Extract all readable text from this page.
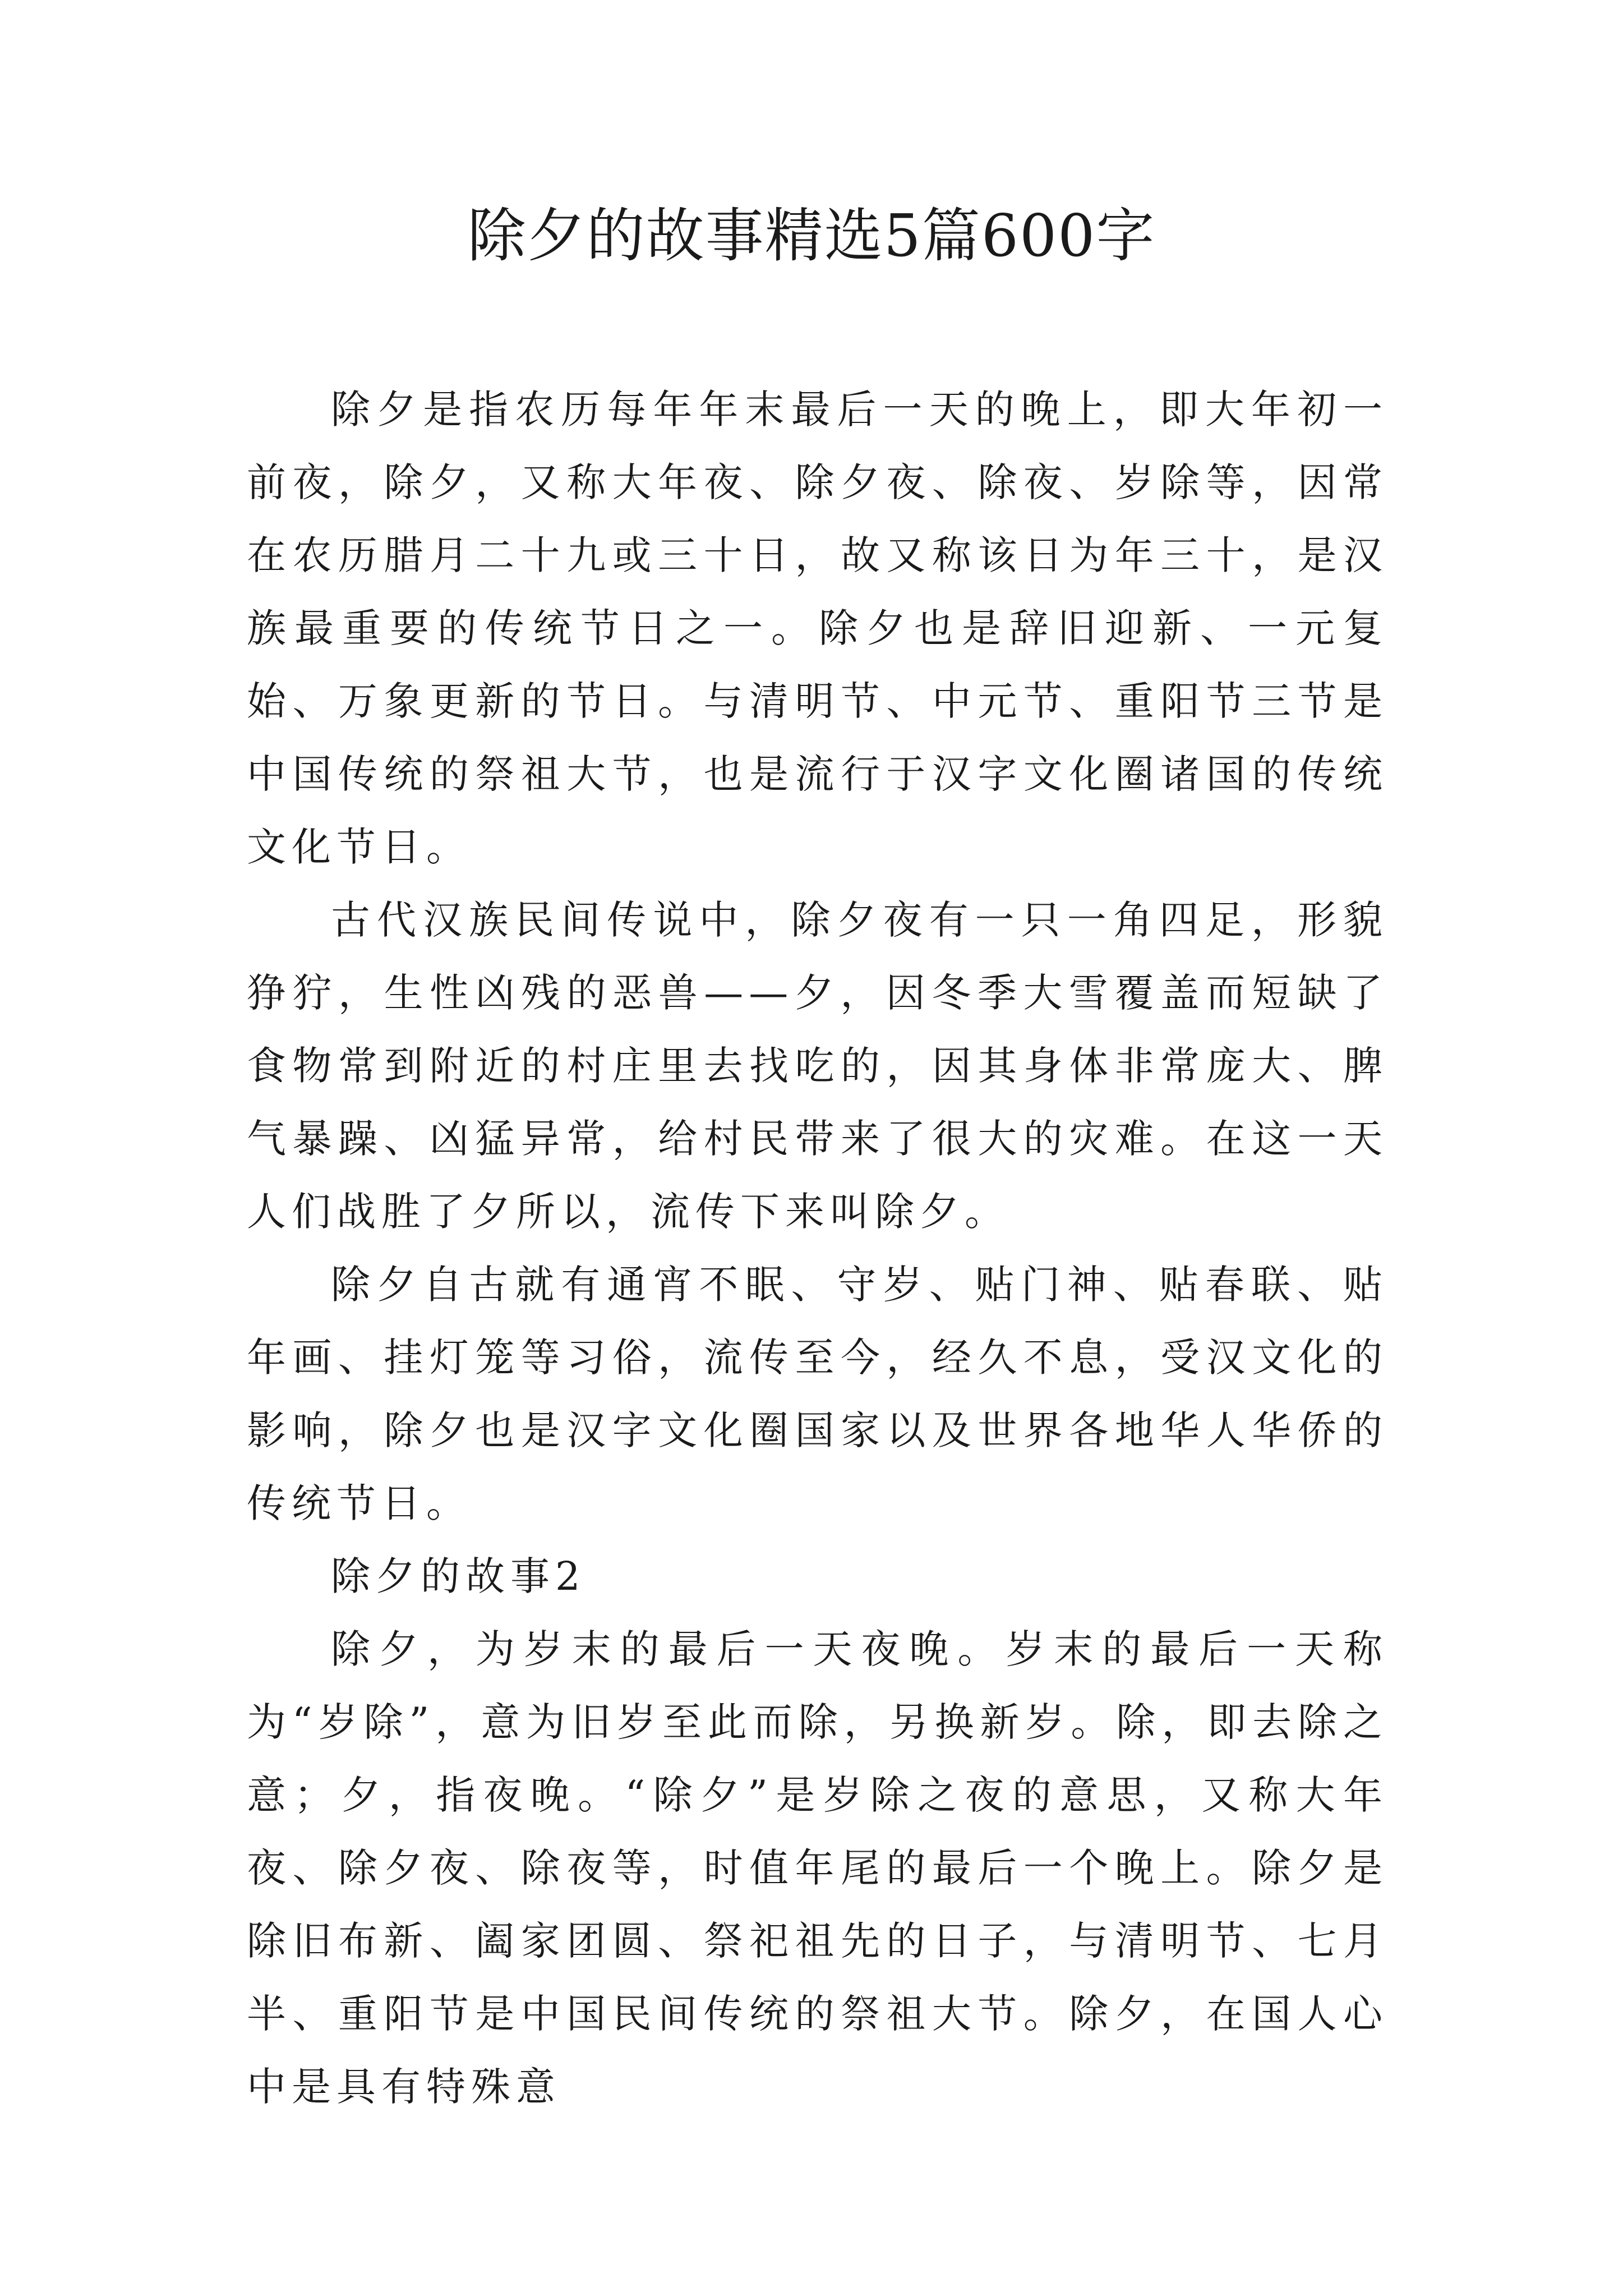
除夕的故事精选5篇600字

除夕是指农历每年年末最后一天的晚上，即大年初一前夜，除夕，又称大年夜、除夕夜、除夜、岁除等，因常在农历腊月二十九或三十日，故又称该日为年三十，是汉族最重要的传统节日之一。除夕也是辞旧迎新、一元复始、万象更新的节日。与清明节、中元节、重阳节三节是中国传统的祭祖大节，也是流行于汉字文化圈诸国的传统文化节日。

古代汉族民间传说中，除夕夜有一只一角四足，形貌狰狞，生性凶残的恶兽——夕，因冬季大雪覆盖而短缺了食物常到附近的村庄里去找吃的，因其身体非常庞大、脾气暴躁、凶猛异常，给村民带来了很大的灾难。在这一天人们战胜了夕所以，流传下来叫除夕。

除夕自古就有通宵不眠、守岁、贴门神、贴春联、贴年画、挂灯笼等习俗，流传至今，经久不息，受汉文化的影响，除夕也是汉字文化圈国家以及世界各地华人华侨的传统节日。

除夕的故事2

除夕，为岁末的最后一天夜晚。岁末的最后一天称为“岁除”，意为旧岁至此而除，另换新岁。除，即去除之意；夕，指夜晚。“除夕”是岁除之夜的意思，又称大年夜、除夕夜、除夜等，时值年尾的最后一个晚上。除夕是除旧布新、阖家团圆、祭祀祖先的日子，与清明节、七月半、重阳节是中国民间传统的祭祖大节。除夕，在国人心中是具有特殊意
